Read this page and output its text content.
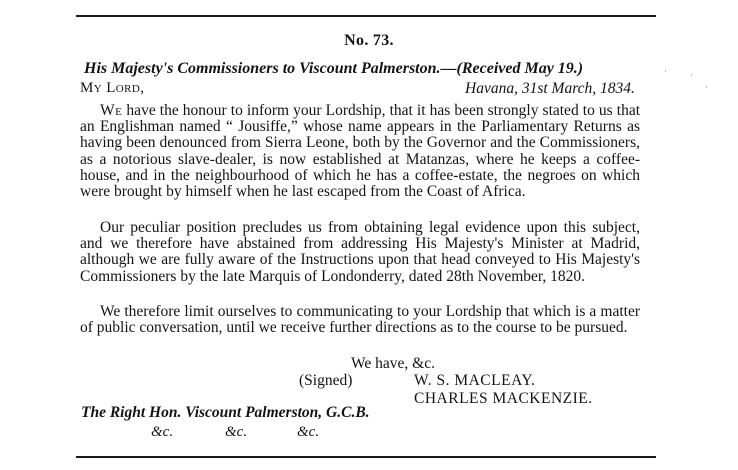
No. 73.
His Majesty's Commissioners to Viscount Palmerston.—(Received May 19.)
My Lord,	Havana, 31st March, 1834.

We have the honour to inform your Lordship, that it has been strongly stated to us that an Englishman named “ Jousiffe,” whose name appears in the Parliamentary Returns as having been denounced from Sierra Leone, both by the Governor and the Commissioners, as a notorious slave-dealer, is now established at Matanzas, where he keeps a coffee-house, and in the neighbourhood of which he has a coffee-estate, the negroes on which were brought by himself when he last escaped from the Coast of Africa.

Our peculiar position precludes us from obtaining legal evidence upon this subject, and we therefore have abstained from addressing His Majesty's Minister at Madrid, although we are fully aware of the Instructions upon that head conveyed to His Majesty's Commissioners by the late Marquis of Londonderry, dated 28th November, 1820.

We therefore limit ourselves to communicating to your Lordship that which is a matter of public conversation, until we receive further directions as to the course to be pursued.

We have, &c.
(Signed)	W. S. MACLEAY.
CHARLES MACKENZIE.
The Right Hon. Viscount Palmerston, G.C.B.
&c.	&c.	&c.
·	·
·
